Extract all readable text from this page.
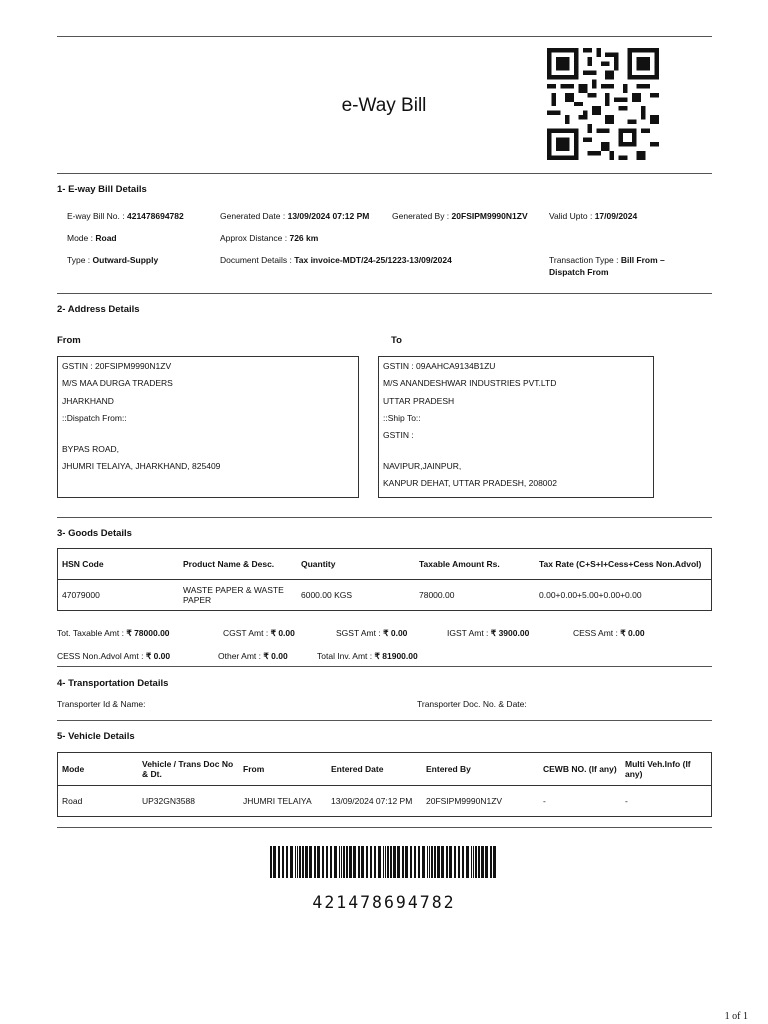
e-Way Bill
1- E-way Bill Details
E-way Bill No. : 421478694782	Generated Date : 13/09/2024 07:12 PM	Generated By : 20FSIPM9990N1ZV	Valid Upto : 17/09/2024
Mode : Road	Approx Distance : 726 km
Type : Outward-Supply	Document Details : Tax invoice-MDT/24-25/1223-13/09/2024	Transaction Type : Bill From –
Dispatch From
2- Address Details
From	To
GSTIN : 20FSIPM9990N1ZV
M/S MAA DURGA TRADERS
JHARKHAND
::Dispatch From::
BYPAS ROAD,
JHUMRI TELAIYA, JHARKHAND, 825409
GSTIN : 09AAHCA9134B1ZU
M/S ANANDESHWAR INDUSTRIES PVT.LTD
UTTAR PRADESH
::Ship To::
GSTIN :
NAVIPUR,JAINPUR,
KANPUR DEHAT, UTTAR PRADESH, 208002
3- Goods Details
HSN Code	Product Name & Desc.	Quantity	Taxable Amount Rs.	Tax Rate (C+S+I+Cess+Cess Non.Advol)
47079000	WASTE PAPER & WASTE PAPER	6000.00 KGS	78000.00	0.00+0.00+5.00+0.00+0.00
Tot. Taxable Amt : ₹ 78000.00	CGST Amt : ₹ 0.00	SGST Amt : ₹ 0.00	IGST Amt : ₹ 3900.00	CESS Amt : ₹ 0.00
CESS Non.Advol Amt : ₹ 0.00	Other Amt : ₹ 0.00	Total Inv. Amt : ₹ 81900.00
4- Transportation Details
Transporter Id & Name:	Transporter Doc. No. & Date:
5- Vehicle Details
Mode	Vehicle / Trans Doc No & Dt.	From	Entered Date	Entered By	CEWB NO. (If any)	Multi Veh.Info (If any)
Road	UP32GN3588	JHUMRI TELAIYA	13/09/2024 07:12 PM	20FSIPM9990N1ZV	-	-
421478694782
1 of 1
